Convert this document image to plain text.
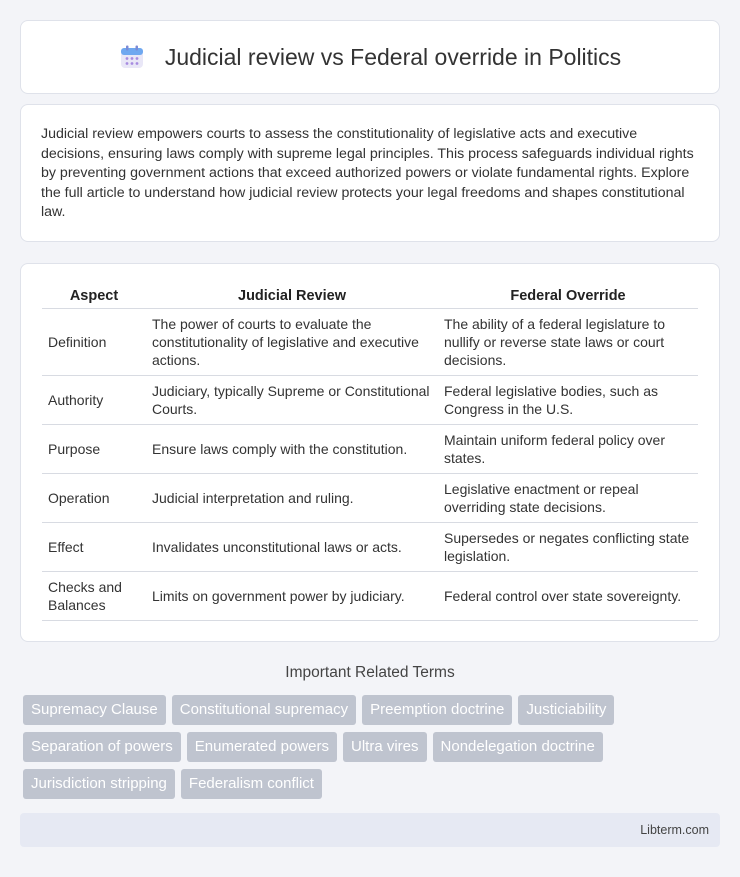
Judicial review vs Federal override in Politics

Judicial review empowers courts to assess the constitutionality of legislative acts and executive decisions, ensuring laws comply with supreme legal principles. This process safeguards individual rights by preventing government actions that exceed authorized powers or violate fundamental rights. Explore the full article to understand how judicial review protects your legal freedoms and shapes constitutional law.

Aspect	Judicial Review	Federal Override
Definition	The power of courts to evaluate the constitutionality of legislative and executive actions.	The ability of a federal legislature to nullify or reverse state laws or court decisions.
Authority	Judiciary, typically Supreme or Constitutional Courts.	Federal legislative bodies, such as Congress in the U.S.
Purpose	Ensure laws comply with the constitution.	Maintain uniform federal policy over states.
Operation	Judicial interpretation and ruling.	Legislative enactment or repeal overriding state decisions.
Effect	Invalidates unconstitutional laws or acts.	Supersedes or negates conflicting state legislation.
Checks and Balances	Limits on government power by judiciary.	Federal control over state sovereignty.
Important Related Terms
Supremacy Clause	Constitutional supremacy	Preemption doctrine	Justiciability
Separation of powers	Enumerated powers	Ultra vires	Nondelegation doctrine
Jurisdiction stripping	Federalism conflict
Libterm.com
